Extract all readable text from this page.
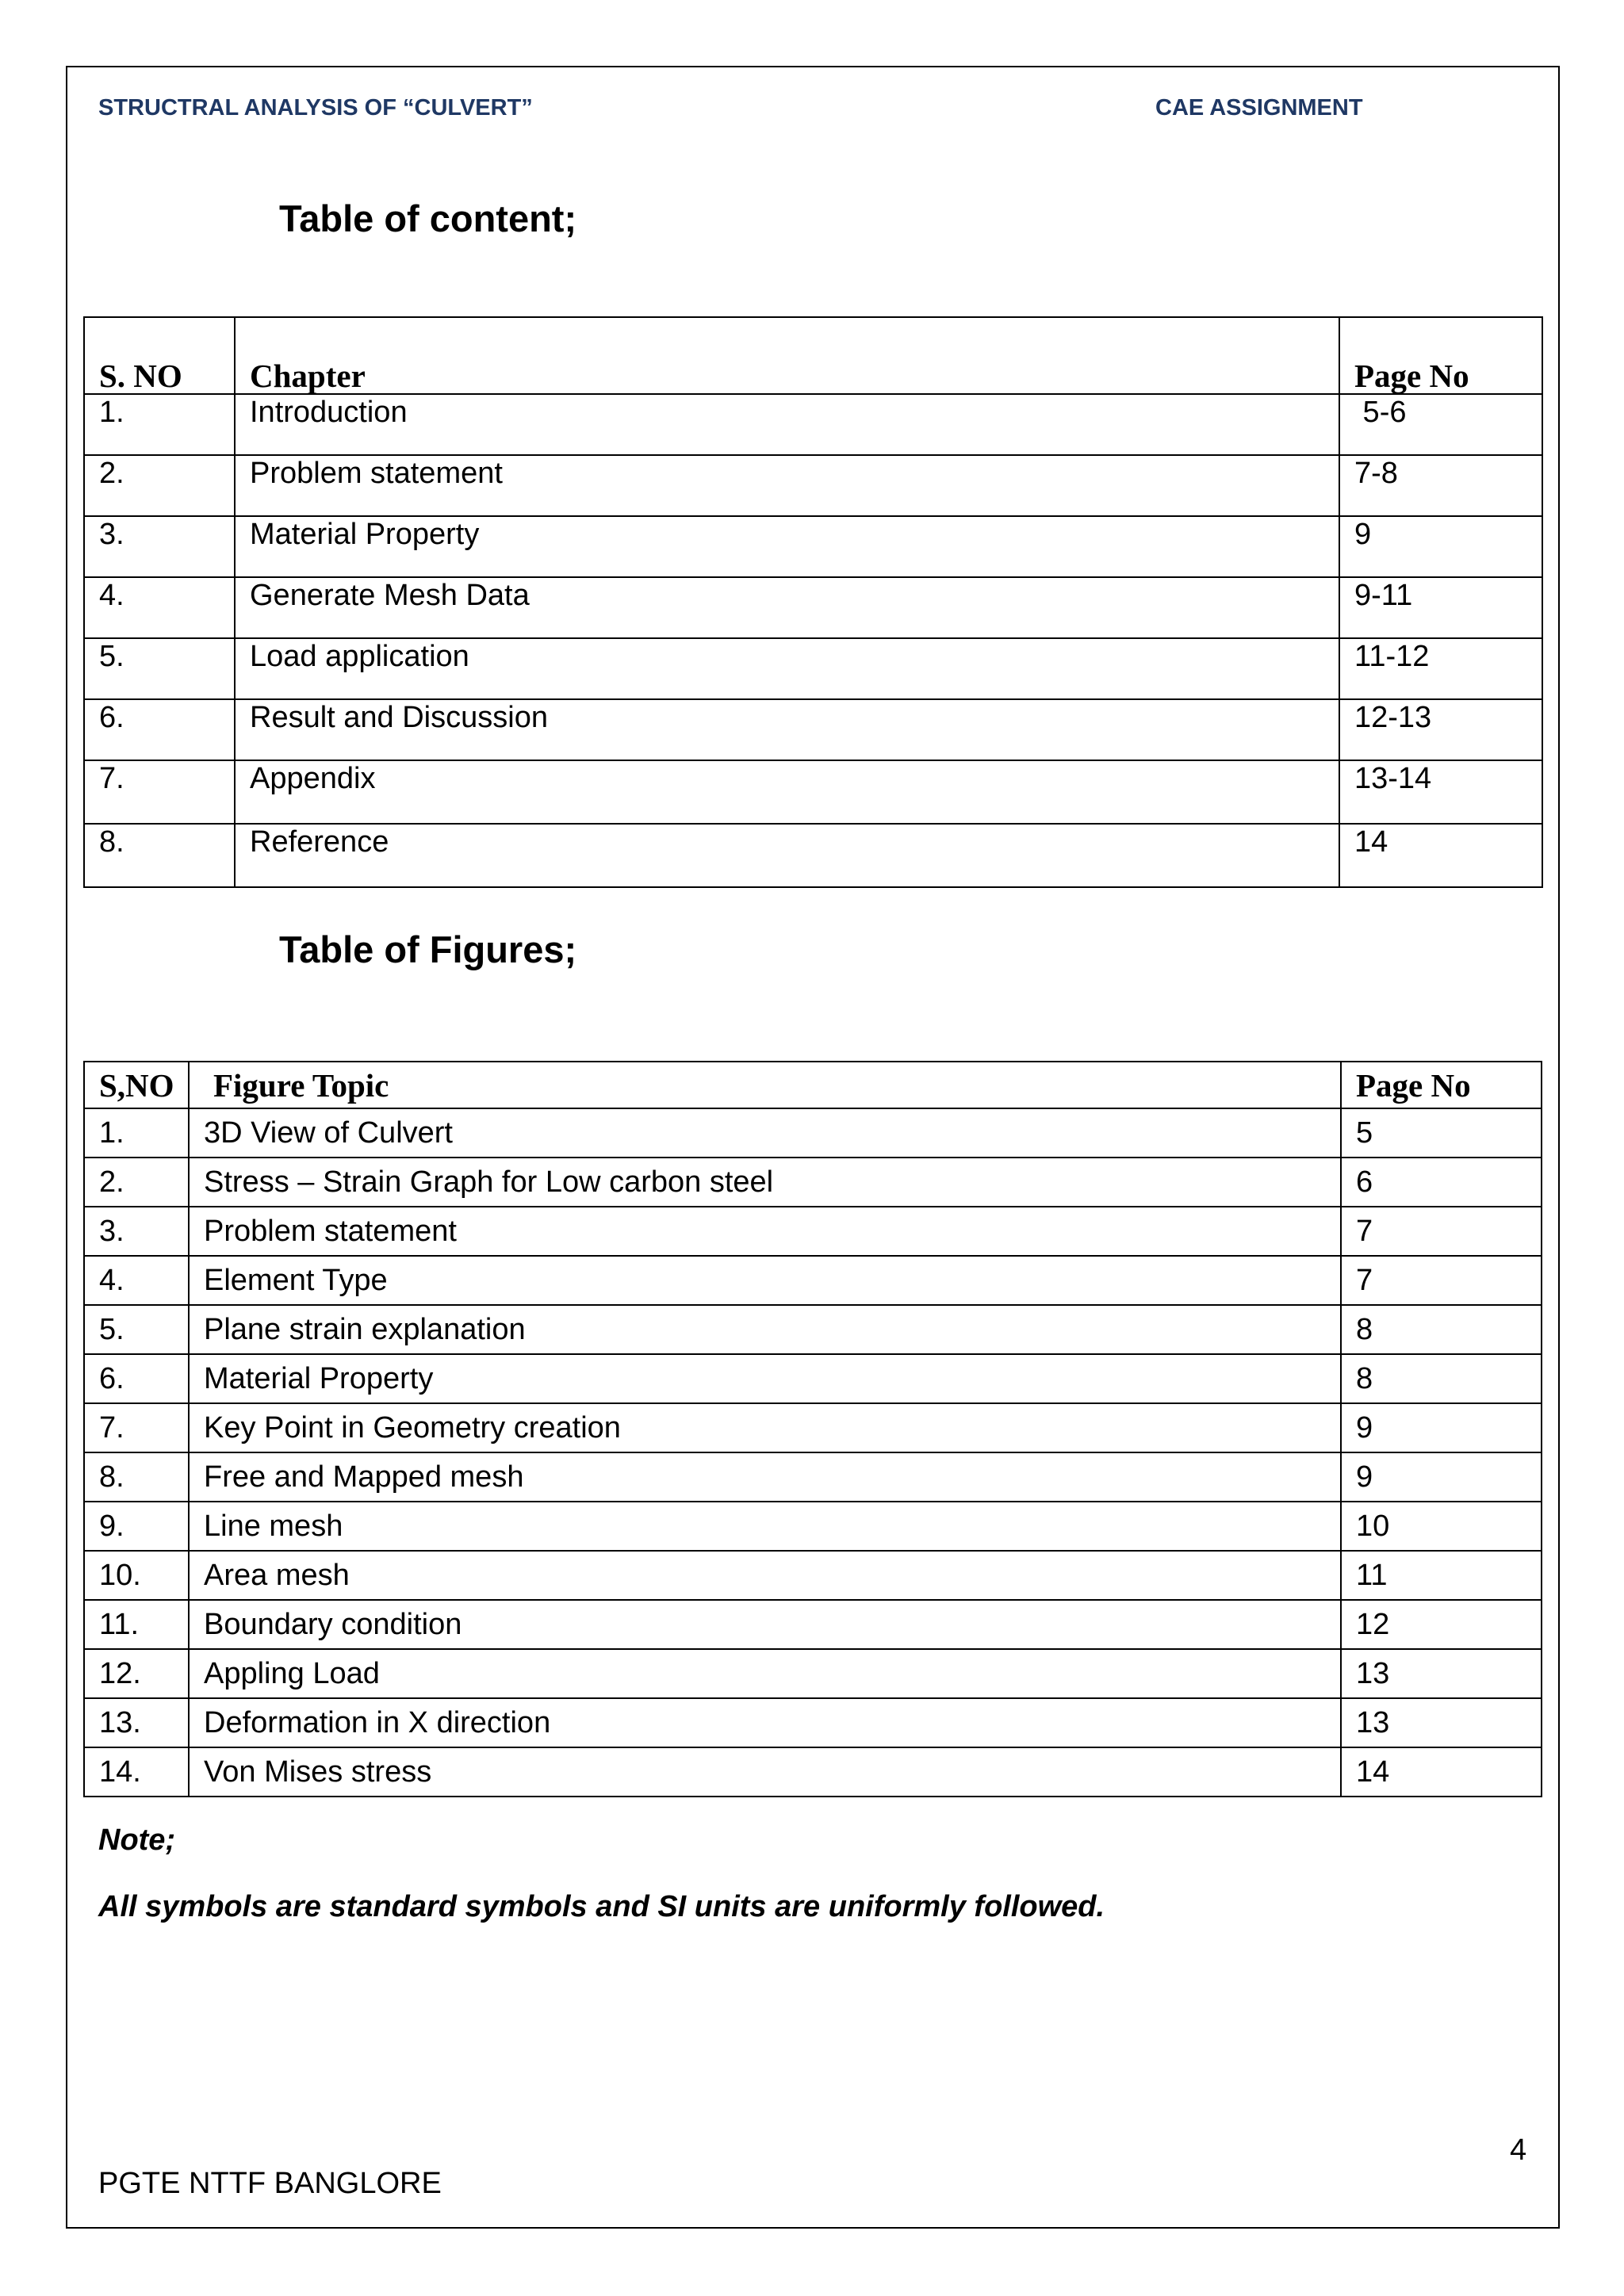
STRUCTRAL ANALYSIS OF “CULVERT”	CAE ASSIGNMENT
Table of content;
S. NO	Chapter	Page No
1.	Introduction	5-6
2.	Problem statement	7-8
3.	Material Property	9
4.	Generate Mesh Data	9-11
5.	Load application	11-12
6.	Result and Discussion	12-13
7.	Appendix	13-14
8.	Reference	14
Table of Figures;
S,NO	Figure Topic	Page No
1.	3D View of Culvert	5
2.	Stress – Strain Graph for Low carbon steel	6
3.	Problem statement	7
4.	Element Type	7
5.	Plane strain explanation	8
6.	Material Property	8
7.	Key Point in Geometry creation	9
8.	Free and Mapped mesh	9
9.	Line mesh	10
10.	Area mesh	11
11.	Boundary condition	12
12.	Appling Load	13
13.	Deformation in X direction	13
14.	Von Mises stress	14
Note;
All symbols are standard symbols and SI units are uniformly followed.
4
PGTE NTTF BANGLORE
